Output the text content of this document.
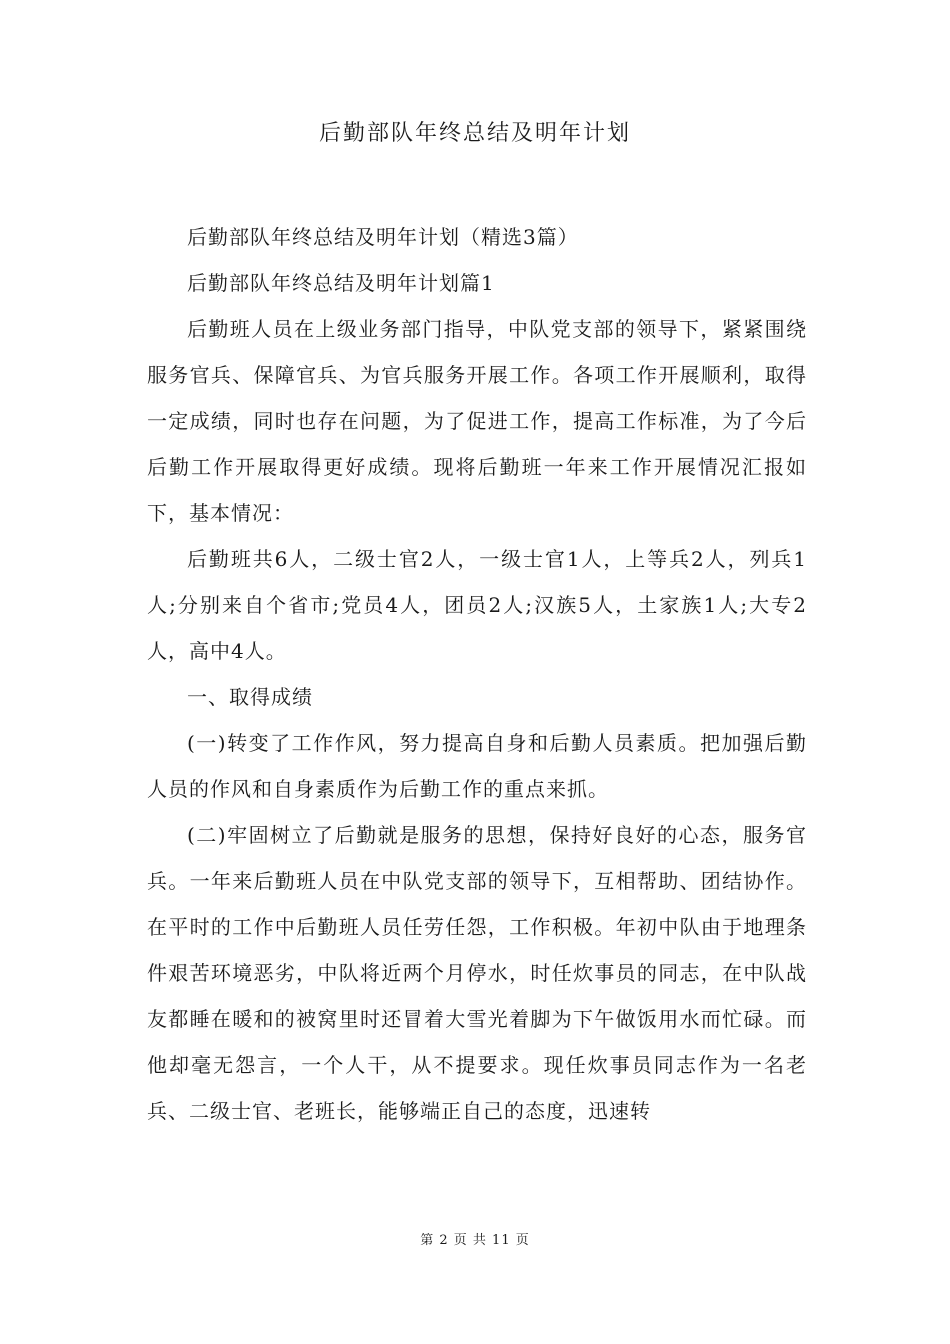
后勤部队年终总结及明年计划

后勤部队年终总结及明年计划（精选3篇）

后勤部队年终总结及明年计划篇1

后勤班人员在上级业务部门指导，中队党支部的领导下，紧紧围绕服务官兵、保障官兵、为官兵服务开展工作。各项工作开展顺利，取得一定成绩，同时也存在问题，为了促进工作，提高工作标准，为了今后后勤工作开展取得更好成绩。现将后勤班一年来工作开展情况汇报如下，基本情况：

后勤班共6人，二级士官2人，一级士官1人，上等兵2人，列兵1人;分别来自个省市;党员4人，团员2人;汉族5人，土家族1人;大专2人，高中4人。

一、取得成绩

(一)转变了工作作风，努力提高自身和后勤人员素质。把加强后勤人员的作风和自身素质作为后勤工作的重点来抓。

(二)牢固树立了后勤就是服务的思想，保持好良好的心态，服务官兵。一年来后勤班人员在中队党支部的领导下，互相帮助、团结协作。在平时的工作中后勤班人员任劳任怨，工作积极。年初中队由于地理条件艰苦环境恶劣，中队将近两个月停水，时任炊事员的同志，在中队战友都睡在暖和的被窝里时还冒着大雪光着脚为下午做饭用水而忙碌。而他却毫无怨言，一个人干，从不提要求。现任炊事员同志作为一名老兵、二级士官、老班长，能够端正自己的态度，迅速转

第 2 页 共 11 页
